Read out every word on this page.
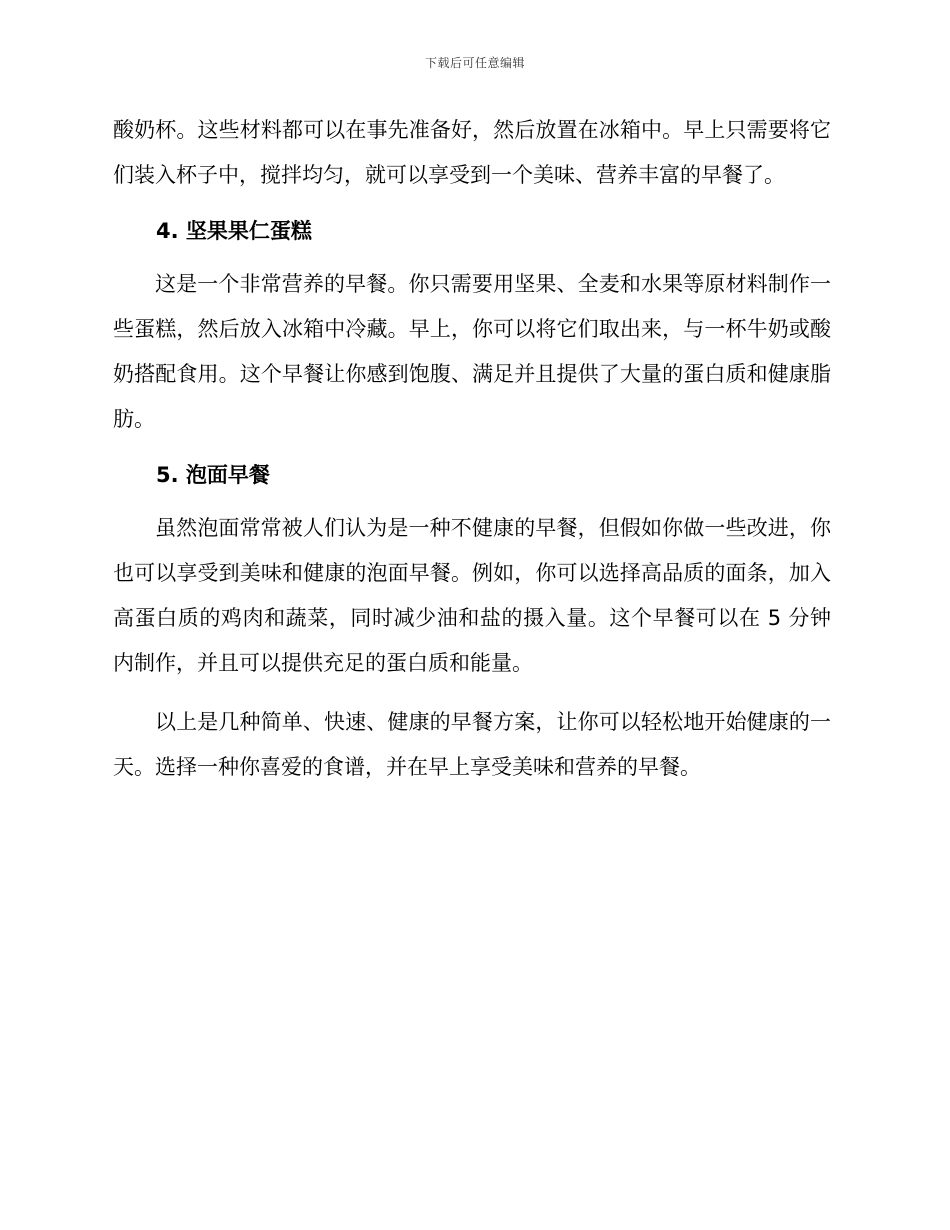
下载后可任意编辑

酸奶杯。这些材料都可以在事先准备好，然后放置在冰箱中。早上只需要将它们装入杯子中，搅拌均匀，就可以享受到一个美味、营养丰富的早餐了。

4. 坚果果仁蛋糕

这是一个非常营养的早餐。你只需要用坚果、全麦和水果等原材料制作一些蛋糕，然后放入冰箱中冷藏。早上，你可以将它们取出来，与一杯牛奶或酸奶搭配食用。这个早餐让你感到饱腹、满足并且提供了大量的蛋白质和健康脂肪。

5. 泡面早餐

虽然泡面常常被人们认为是一种不健康的早餐，但假如你做一些改进，你也可以享受到美味和健康的泡面早餐。例如，你可以选择高品质的面条，加入高蛋白质的鸡肉和蔬菜，同时减少油和盐的摄入量。这个早餐可以在 5 分钟内制作，并且可以提供充足的蛋白质和能量。

以上是几种简单、快速、健康的早餐方案，让你可以轻松地开始健康的一天。选择一种你喜爱的食谱，并在早上享受美味和营养的早餐。
